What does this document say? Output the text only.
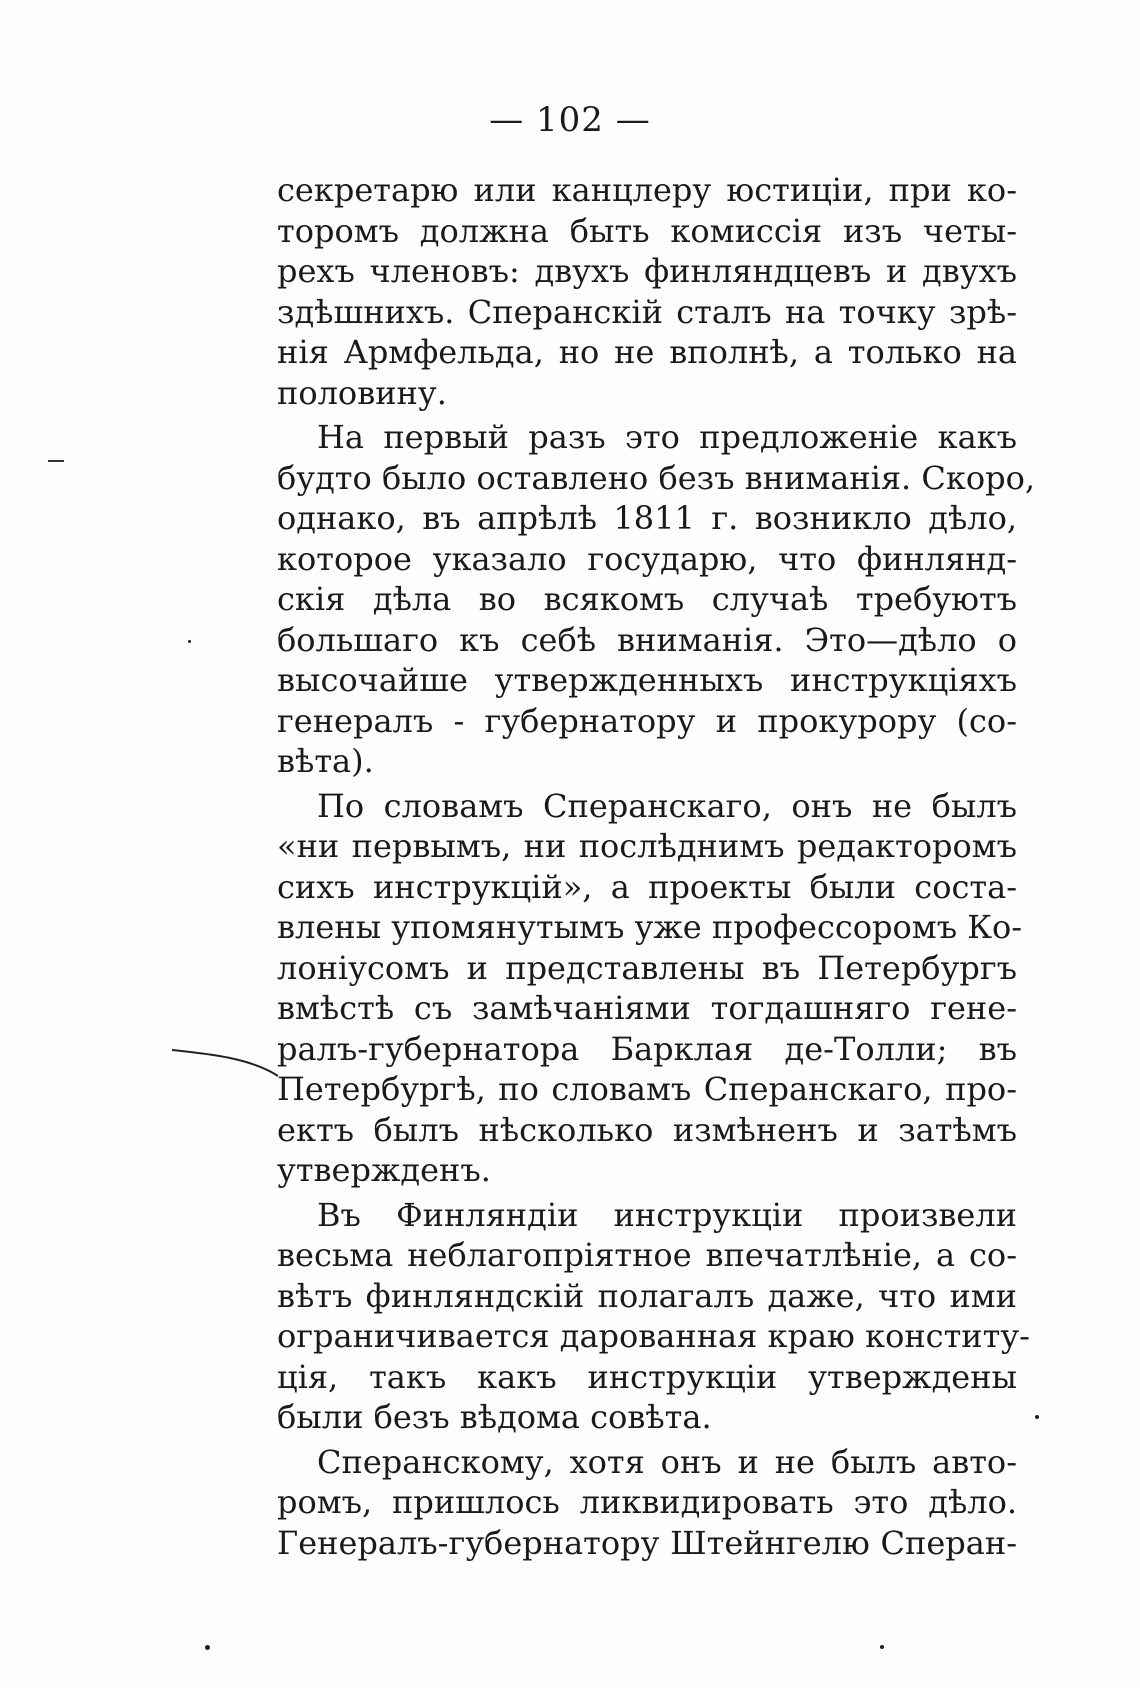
— 102 —
секретарю или канцлеру юстиціи, при ко-
торомъ должна быть комиссія изъ четы-
рехъ членовъ: двухъ финляндцевъ и двухъ
здѣшнихъ. Сперанскій сталъ на точку зрѣ-
нія Армфельда, но не вполнѣ, а только на
половину.
На первый разъ это предложеніе какъ
будто было оставлено безъ вниманія. Скоро,
однако, въ апрѣлѣ 1811 г. возникло дѣло,
которое указало государю, что финлянд-
скія дѣла во всякомъ случаѣ требуютъ
большаго къ себѣ вниманія. Это—дѣло о
высочайше утвержденныхъ инструкціяхъ
генералъ - губернатору и прокурору (со-
вѣта).
По словамъ Сперанскаго, онъ не былъ
«ни первымъ, ни послѣднимъ редакторомъ
сихъ инструкцій», а проекты были соста-
влены упомянутымъ уже профессоромъ Ко-
лоніусомъ и представлены въ Петербургъ
вмѣстѣ съ замѣчаніями тогдашняго гене-
ралъ-губернатора Барклая де-Толли; въ
Петербургѣ, по словамъ Сперанскаго, про-
ектъ былъ нѣсколько измѣненъ и затѣмъ
утвержденъ.
Въ Финляндіи инструкціи произвели
весьма неблагопріятное впечатлѣніе, а со-
вѣтъ финляндскій полагалъ даже, что ими
ограничивается дарованная краю конститу-
ція, такъ какъ инструкціи утверждены
были безъ вѣдома совѣта.
Сперанскому, хотя онъ и не былъ авто-
ромъ, пришлось ликвидировать это дѣло.
Генералъ-губернатору Штейнгелю Сперан-
